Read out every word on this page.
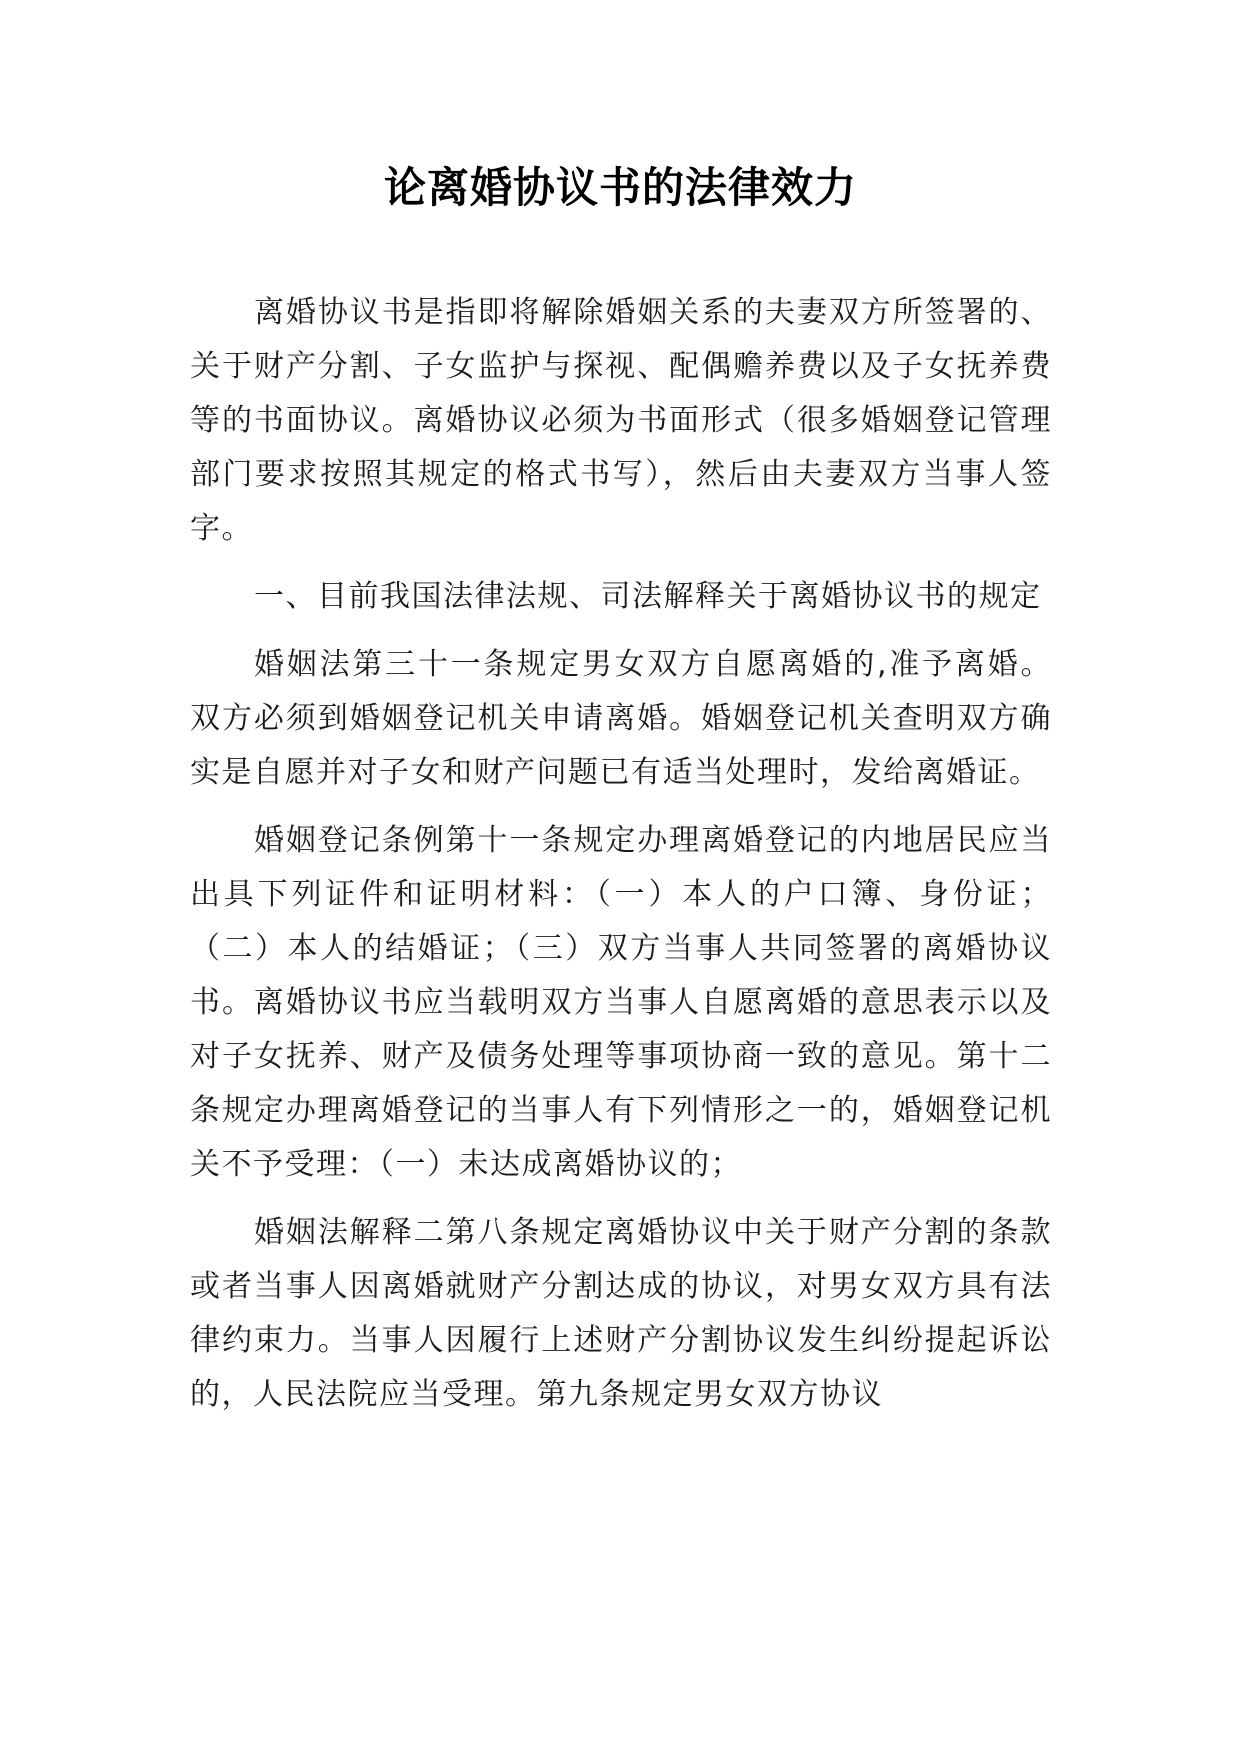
论离婚协议书的法律效力

离婚协议书是指即将解除婚姻关系的夫妻双方所签署的、关于财产分割、子女监护与探视、配偶赡养费以及子女抚养费等的书面协议。离婚协议必须为书面形式（很多婚姻登记管理部门要求按照其规定的格式书写），然后由夫妻双方当事人签字。

一、目前我国法律法规、司法解释关于离婚协议书的规定

婚姻法第三十一条规定男女双方自愿离婚的,准予离婚。双方必须到婚姻登记机关申请离婚。婚姻登记机关查明双方确实是自愿并对子女和财产问题已有适当处理时，发给离婚证。

婚姻登记条例第十一条规定办理离婚登记的内地居民应当出具下列证件和证明材料：（一）本人的户口簿、身份证；（二）本人的结婚证；（三）双方当事人共同签署的离婚协议书。离婚协议书应当载明双方当事人自愿离婚的意思表示以及对子女抚养、财产及债务处理等事项协商一致的意见。第十二条规定办理离婚登记的当事人有下列情形之一的，婚姻登记机关不予受理：（一）未达成离婚协议的；

婚姻法解释二第八条规定离婚协议中关于财产分割的条款或者当事人因离婚就财产分割达成的协议，对男女双方具有法律约束力。当事人因履行上述财产分割协议发生纠纷提起诉讼的，人民法院应当受理。第九条规定男女双方协议
